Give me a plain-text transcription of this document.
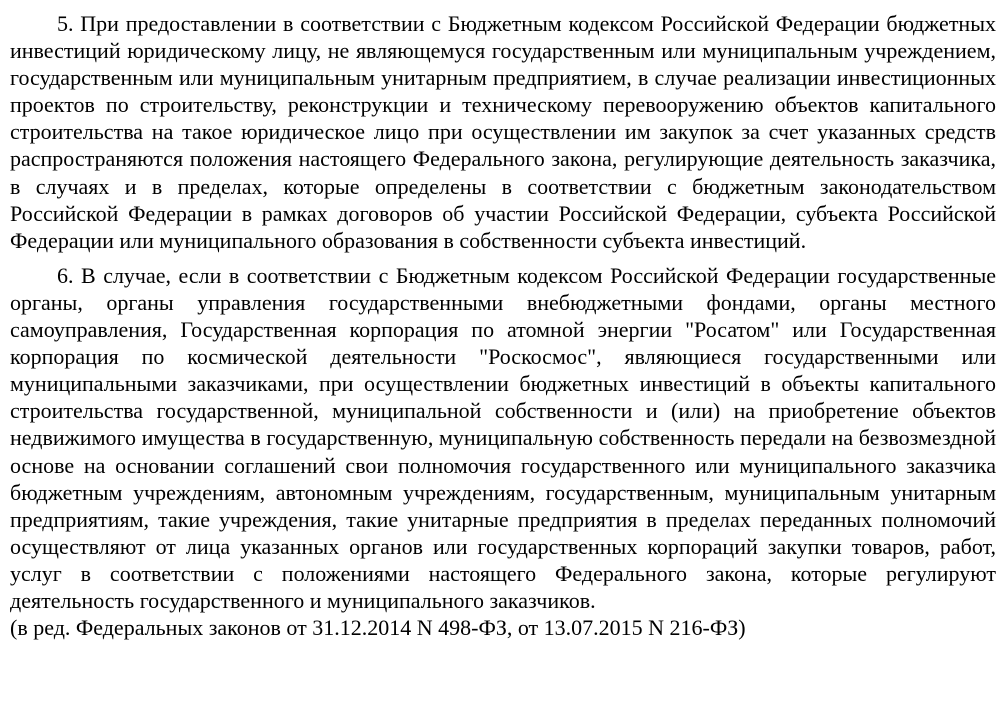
5. При предоставлении в соответствии с Бюджетным кодексом Российской Федерации бюджетных инвестиций юридическому лицу, не являющемуся государственным или муниципальным учреждением, государственным или муниципальным унитарным предприятием, в случае реализации инвестиционных проектов по строительству, реконструкции и техническому перевооружению объектов капитального строительства на такое юридическое лицо при осуществлении им закупок за счет указанных средств распространяются положения настоящего Федерального закона, регулирующие деятельность заказчика, в случаях и в пределах, которые определены в соответствии с бюджетным законодательством Российской Федерации в рамках договоров об участии Российской Федерации, субъекта Российской Федерации или муниципального образования в собственности субъекта инвестиций.

6. В случае, если в соответствии с Бюджетным кодексом Российской Федерации государственные органы, органы управления государственными внебюджетными фондами, органы местного самоуправления, Государственная корпорация по атомной энергии "Росатом" или Государственная корпорация по космической деятельности "Роскосмос", являющиеся государственными или муниципальными заказчиками, при осуществлении бюджетных инвестиций в объекты капитального строительства государственной, муниципальной собственности и (или) на приобретение объектов недвижимого имущества в государственную, муниципальную собственность передали на безвозмездной основе на основании соглашений свои полномочия государственного или муниципального заказчика бюджетным учреждениям, автономным учреждениям, государственным, муниципальным унитарным предприятиям, такие учреждения, такие унитарные предприятия в пределах переданных полномочий осуществляют от лица указанных органов или государственных корпораций закупки товаров, работ, услуг в соответствии с положениями настоящего Федерального закона, которые регулируют деятельность государственного и муниципального заказчиков.

(в ред. Федеральных законов от 31.12.2014 N 498-ФЗ, от 13.07.2015 N 216-ФЗ)
